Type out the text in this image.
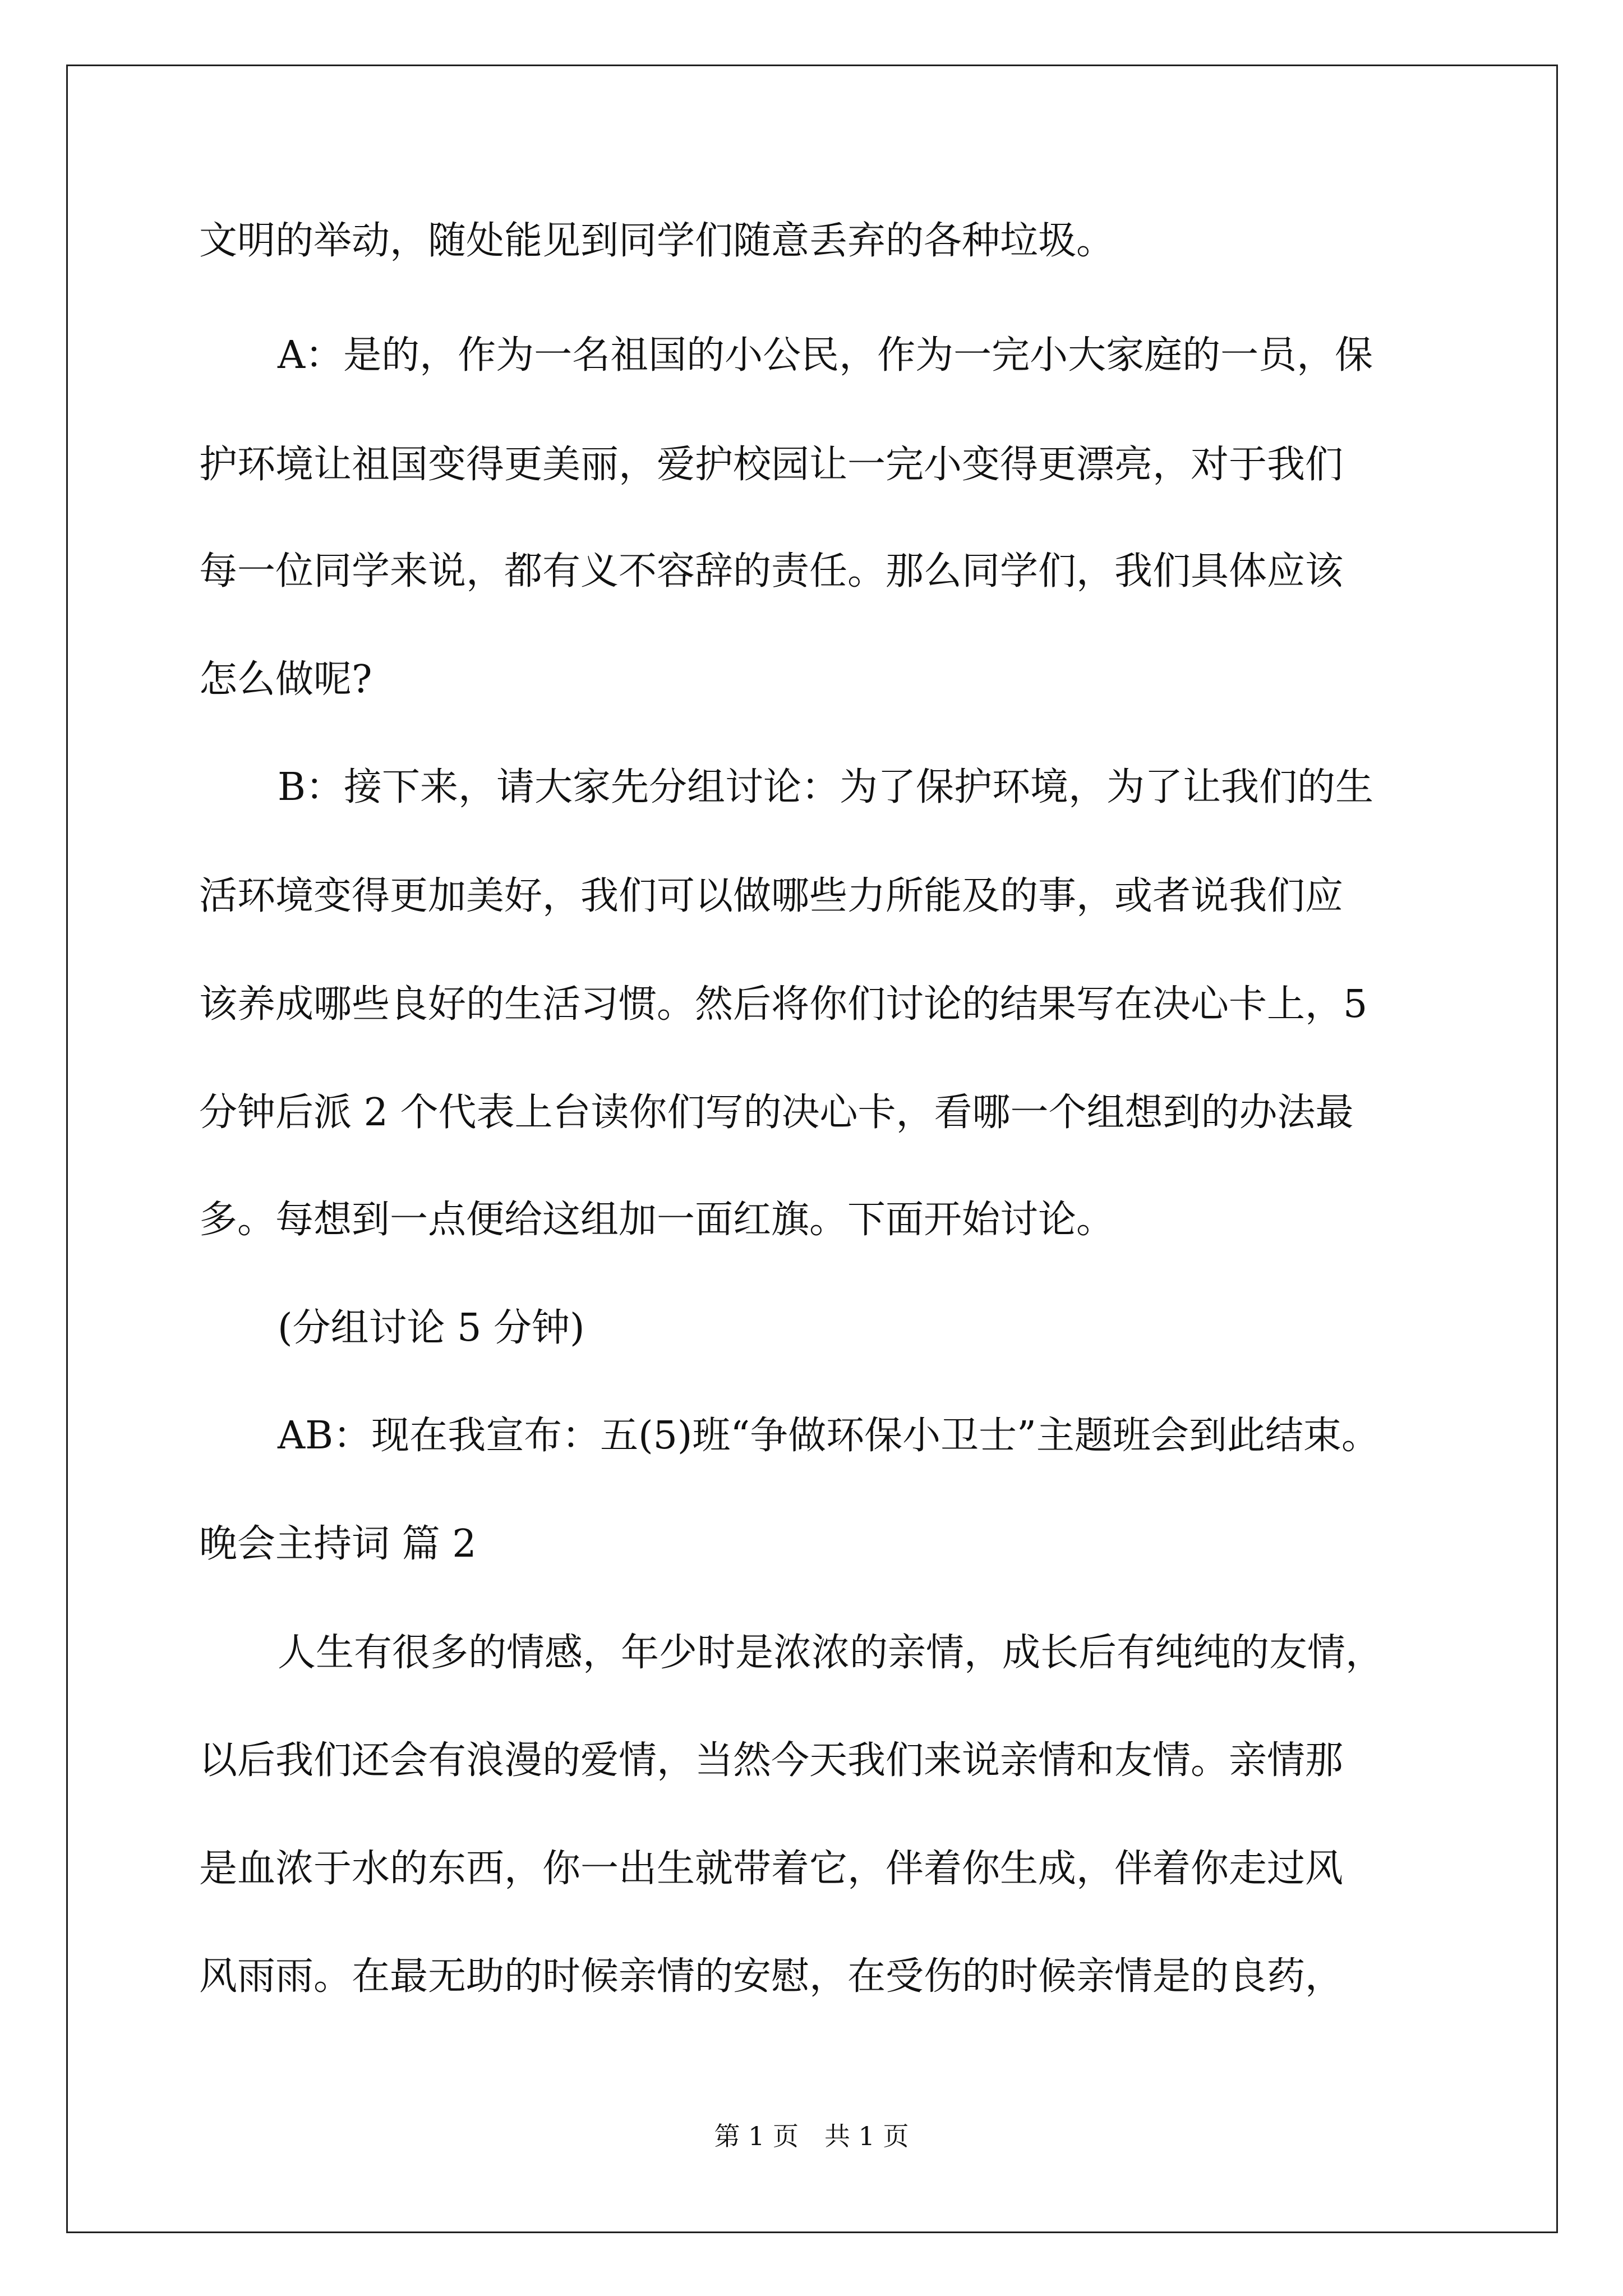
文明的举动，随处能见到同学们随意丢弃的各种垃圾。
A：是的，作为一名祖国的小公民，作为一完小大家庭的一员，保
护环境让祖国变得更美丽，爱护校园让一完小变得更漂亮，对于我们
每一位同学来说，都有义不容辞的责任。那么同学们，我们具体应该
怎么做呢?
B：接下来，请大家先分组讨论：为了保护环境，为了让我们的生
活环境变得更加美好，我们可以做哪些力所能及的事，或者说我们应
该养成哪些良好的生活习惯。然后将你们讨论的结果写在决心卡上，5
分钟后派 2 个代表上台读你们写的决心卡，看哪一个组想到的办法最
多。每想到一点便给这组加一面红旗。下面开始讨论。
(分组讨论 5 分钟)
AB：现在我宣布：五(5)班“争做环保小卫士”主题班会到此结束。
晚会主持词 篇 2
人生有很多的情感，年少时是浓浓的亲情，成长后有纯纯的友情，
以后我们还会有浪漫的爱情，当然今天我们来说亲情和友情。亲情那
是血浓于水的东西，你一出生就带着它，伴着你生成，伴着你走过风
风雨雨。在最无助的时候亲情的安慰，在受伤的时候亲情是的良药，
第 1 页　共 1 页
